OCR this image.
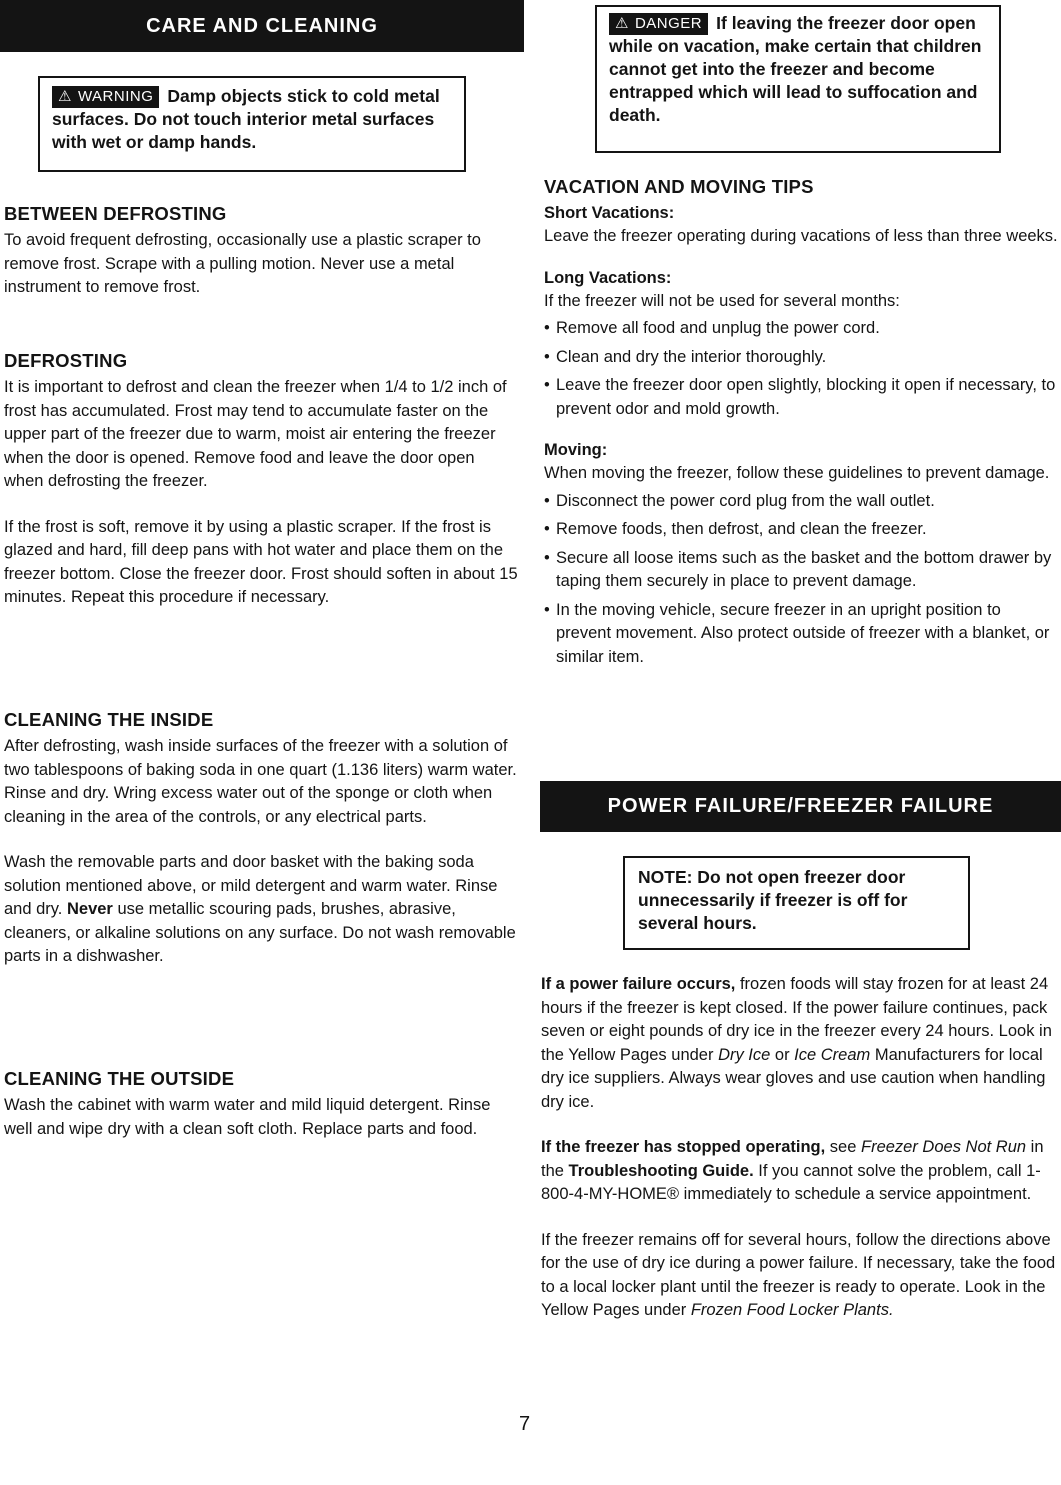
CARE AND CLEANING
⚠ WARNING Damp objects stick to cold metal surfaces. Do not touch interior metal surfaces with wet or damp hands.
BETWEEN DEFROSTING

To avoid frequent defrosting, occasionally use a plastic scraper to remove frost. Scrape with a pulling motion. Never use a metal instrument to remove frost.

DEFROSTING

It is important to defrost and clean the freezer when 1/4 to 1/2 inch of frost has accumulated. Frost may tend to accumulate faster on the upper part of the freezer due to warm, moist air entering the freezer when the door is opened. Remove food and leave the door open when defrosting the freezer.

If the frost is soft, remove it by using a plastic scraper. If the frost is glazed and hard, fill deep pans with hot water and place them on the freezer bottom. Close the freezer door. Frost should soften in about 15 minutes. Repeat this procedure if necessary.

CLEANING THE INSIDE

After defrosting, wash inside surfaces of the freezer with a solution of two tablespoons of baking soda in one quart (1.136 liters) warm water. Rinse and dry. Wring excess water out of the sponge or cloth when cleaning in the area of the controls, or any electrical parts.

Wash the removable parts and door basket with the baking soda solution mentioned above, or mild detergent and warm water. Rinse and dry. Never use metallic scouring pads, brushes, abrasive, cleaners, or alkaline solutions on any surface. Do not wash removable parts in a dishwasher.

CLEANING THE OUTSIDE

Wash the cabinet with warm water and mild liquid detergent. Rinse well and wipe dry with a clean soft cloth. Replace parts and food.

⚠ DANGER If leaving the freezer door open while on vacation, make certain that children cannot get into the freezer and become entrapped which will lead to suffocation and death.
VACATION AND MOVING TIPS
Short Vacations:

Leave the freezer operating during vacations of less than three weeks.

Long Vacations:

If the freezer will not be used for several months:

• Remove all food and unplug the power cord.
• Clean and dry the interior thoroughly.
• Leave the freezer door open slightly, blocking it open if necessary, to prevent odor and mold growth.
Moving:

When moving the freezer, follow these guidelines to prevent damage.

• Disconnect the power cord plug from the wall outlet.
• Remove foods, then defrost, and clean the freezer.
• Secure all loose items such as the basket and the bottom drawer by taping them securely in place to prevent damage.
• In the moving vehicle, secure freezer in an upright position to prevent movement. Also protect outside of freezer with a blanket, or similar item.
POWER FAILURE/FREEZER FAILURE
NOTE: Do not open freezer door unnecessarily if freezer is off for several hours.

If a power failure occurs, frozen foods will stay frozen for at least 24 hours if the freezer is kept closed. If the power failure continues, pack seven or eight pounds of dry ice in the freezer every 24 hours. Look in the Yellow Pages under Dry Ice or Ice Cream Manufacturers for local dry ice suppliers. Always wear gloves and use caution when handling dry ice.

If the freezer has stopped operating, see Freezer Does Not Run in the Troubleshooting Guide. If you cannot solve the problem, call 1-800-4-MY-HOME® immediately to schedule a service appointment.

If the freezer remains off for several hours, follow the directions above for the use of dry ice during a power failure. If necessary, take the food to a local locker plant until the freezer is ready to operate. Look in the Yellow Pages under Frozen Food Locker Plants.

7
